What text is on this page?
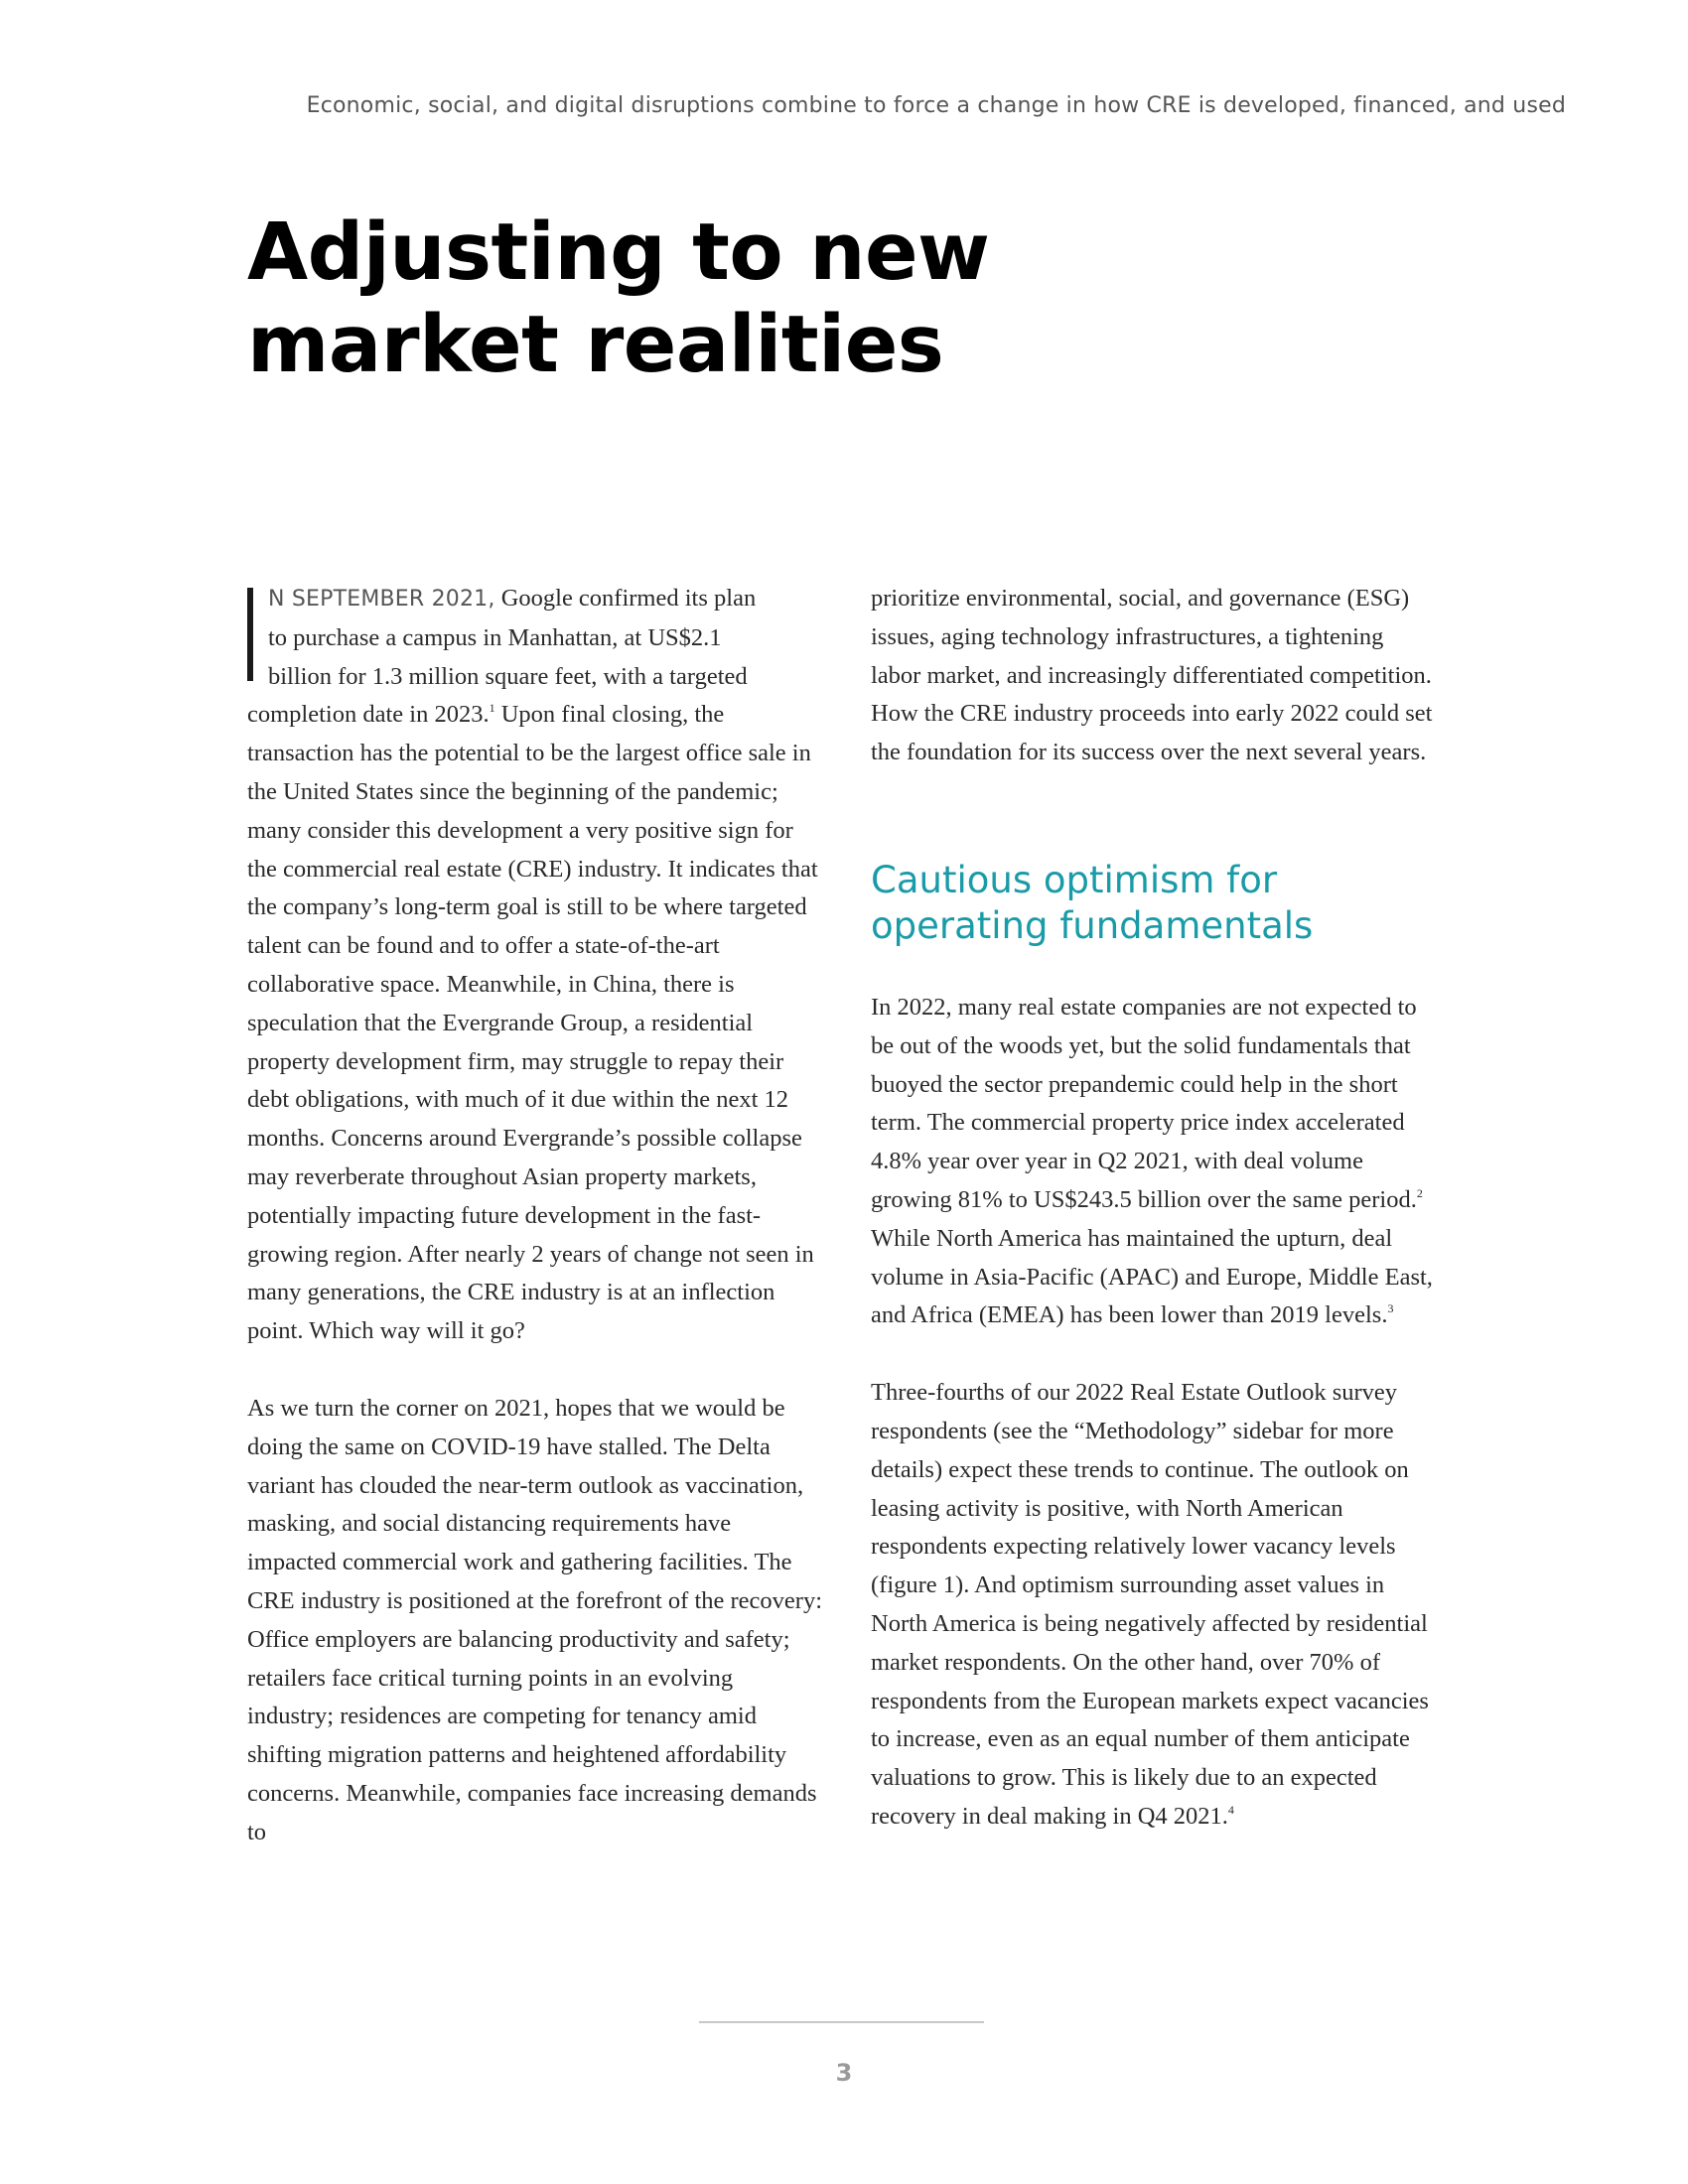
Economic, social, and digital disruptions combine to force a change in how CRE is developed, financed, and used
Adjusting to new
market realities
N SEPTEMBER 2021, Google confirmed its plan
to purchase a campus in Manhattan, at US$2.1
billion for 1.3 million square feet, with a targeted

completion date in 2023.$^1$ Upon final closing, the transaction has the potential to be the largest office sale in the United States since the beginning of the pandemic; many consider this development a very positive sign for the commercial real estate (CRE) industry. It indicates that the company’s long-term goal is still to be where targeted talent can be found and to offer a state-of-the-art collaborative space. Meanwhile, in China, there is speculation that the Evergrande Group, a residential property development firm, may struggle to repay their debt obligations, with much of it due within the next 12 months. Concerns around Evergrande’s possible collapse may reverberate throughout Asian property markets, potentially impacting future development in the fast-growing region. After nearly 2 years of change not seen in many generations, the CRE industry is at an inflection point. Which way will it go?

As we turn the corner on 2021, hopes that we would be doing the same on COVID-19 have stalled. The Delta variant has clouded the near-term outlook as vaccination, masking, and social distancing requirements have impacted commercial work and gathering facilities. The CRE industry is positioned at the forefront of the recovery: Office employers are balancing productivity and safety; retailers face critical turning points in an evolving industry; residences are competing for tenancy amid shifting migration patterns and heightened affordability concerns. Meanwhile, companies face increasing demands to

prioritize environmental, social, and governance (ESG) issues, aging technology infrastructures, a tightening labor market, and increasingly differentiated competition. How the CRE industry proceeds into early 2022 could set the foundation for its success over the next several years.

Cautious optimism for
operating fundamentals

In 2022, many real estate companies are not expected to be out of the woods yet, but the solid fundamentals that buoyed the sector prepandemic could help in the short term. The commercial property price index accelerated 4.8% year over year in Q2 2021, with deal volume growing 81% to US$243.5 billion over the same period.$^2$ While North America has maintained the upturn, deal volume in Asia-Pacific (APAC) and Europe, Middle East, and Africa (EMEA) has been lower than 2019 levels.$^3$

Three-fourths of our 2022 Real Estate Outlook survey respondents (see the “Methodology” sidebar for more details) expect these trends to continue. The outlook on leasing activity is positive, with North American respondents expecting relatively lower vacancy levels (figure 1). And optimism surrounding asset values in North America is being negatively affected by residential market respondents. On the other hand, over 70% of respondents from the European markets expect vacancies to increase, even as an equal number of them anticipate valuations to grow. This is likely due to an expected recovery in deal making in Q4 2021.$^4$

3
